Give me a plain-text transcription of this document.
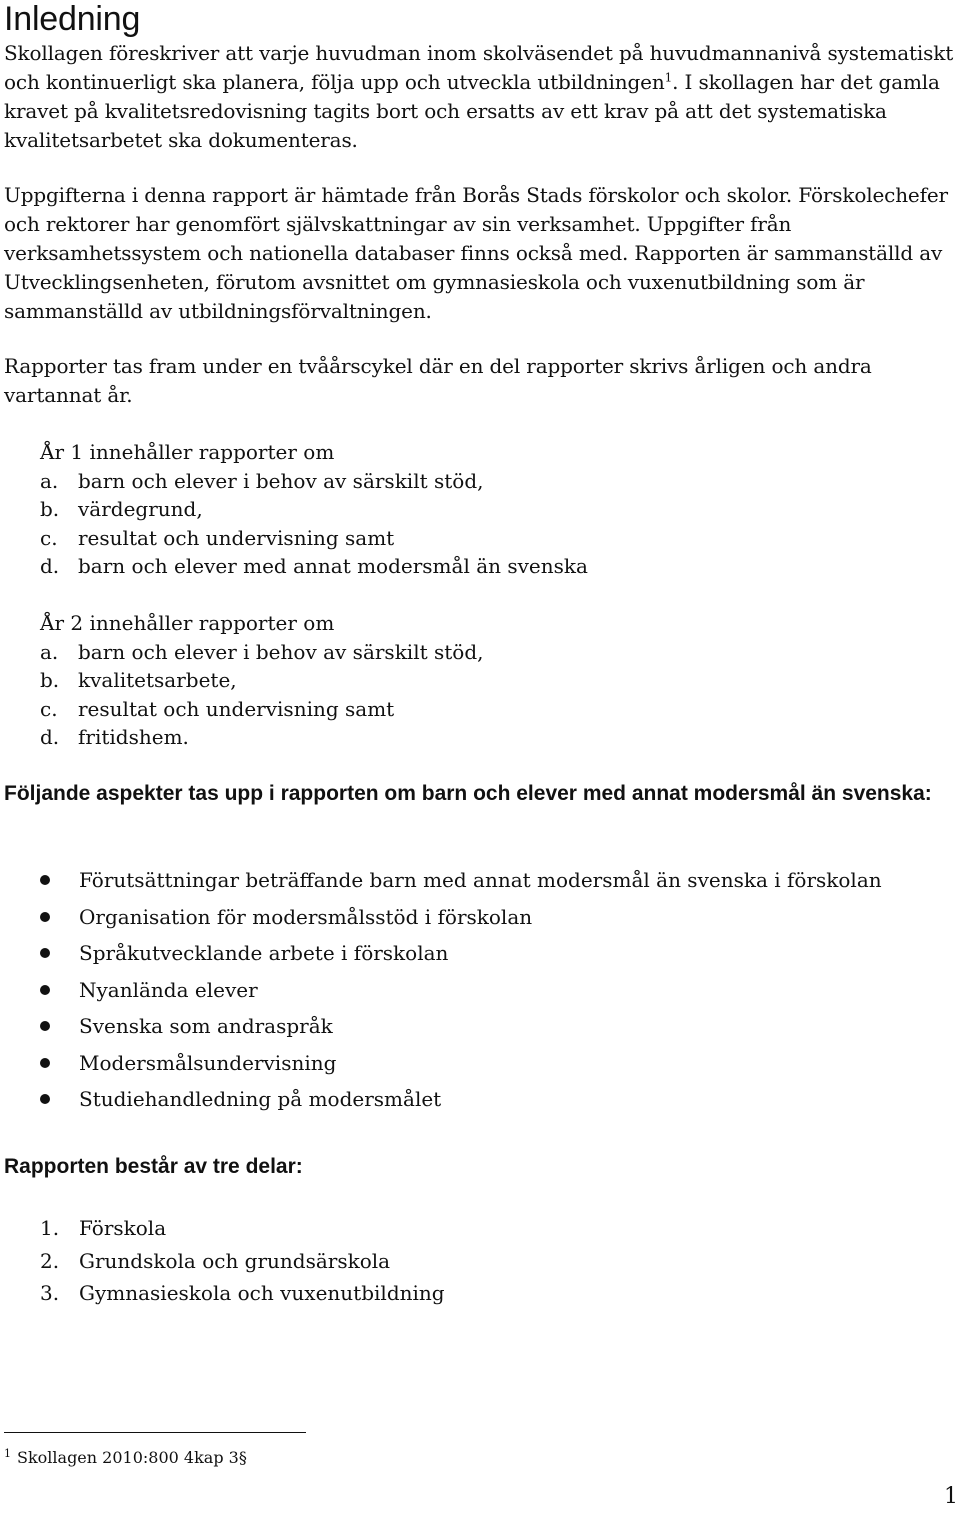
Inledning

Skollagen föreskriver att varje huvudman inom skolväsendet på huvudmannanivå systematiskt och kontinuerligt ska planera, följa upp och utveckla utbildningen$^1$. I skollagen har det gamla kravet på kvalitetsredovisning tagits bort och ersatts av ett krav på att det systematiska kvalitetsarbetet ska dokumenteras.

Uppgifterna i denna rapport är hämtade från Borås Stads förskolor och skolor. Förskolechefer och rektorer har genomfört självskattningar av sin verksamhet. Uppgifter från verksamhetssystem och nationella databaser finns också med. Rapporten är sammanställd av Utvecklingsenheten, förutom avsnittet om gymnasieskola och vuxenutbildning som är sammanställd av utbildningsförvaltningen.

Rapporter tas fram under en tvåårscykel där en del rapporter skrivs årligen och andra vartannat år.

År 1 innehåller rapporter om
a. barn och elever i behov av särskilt stöd,
b. värdegrund,
c. resultat och undervisning samt
d. barn och elever med annat modersmål än svenska
År 2 innehåller rapporter om
a. barn och elever i behov av särskilt stöd,
b. kvalitetsarbete,
c. resultat och undervisning samt
d. fritidshem.
Följande aspekter tas upp i rapporten om barn och elever med annat modersmål än svenska:
Förutsättningar beträffande barn med annat modersmål än svenska i förskolan
Organisation för modersmålsstöd i förskolan
Språkutvecklande arbete i förskolan
Nyanlända elever
Svenska som andraspråk
Modersmålsundervisning
Studiehandledning på modersmålet
Rapporten består av tre delar:
1. Förskola
2. Grundskola och grundsärskola
3. Gymnasieskola och vuxenutbildning
$^1$ Skollagen 2010:800 4kap 3§
1
